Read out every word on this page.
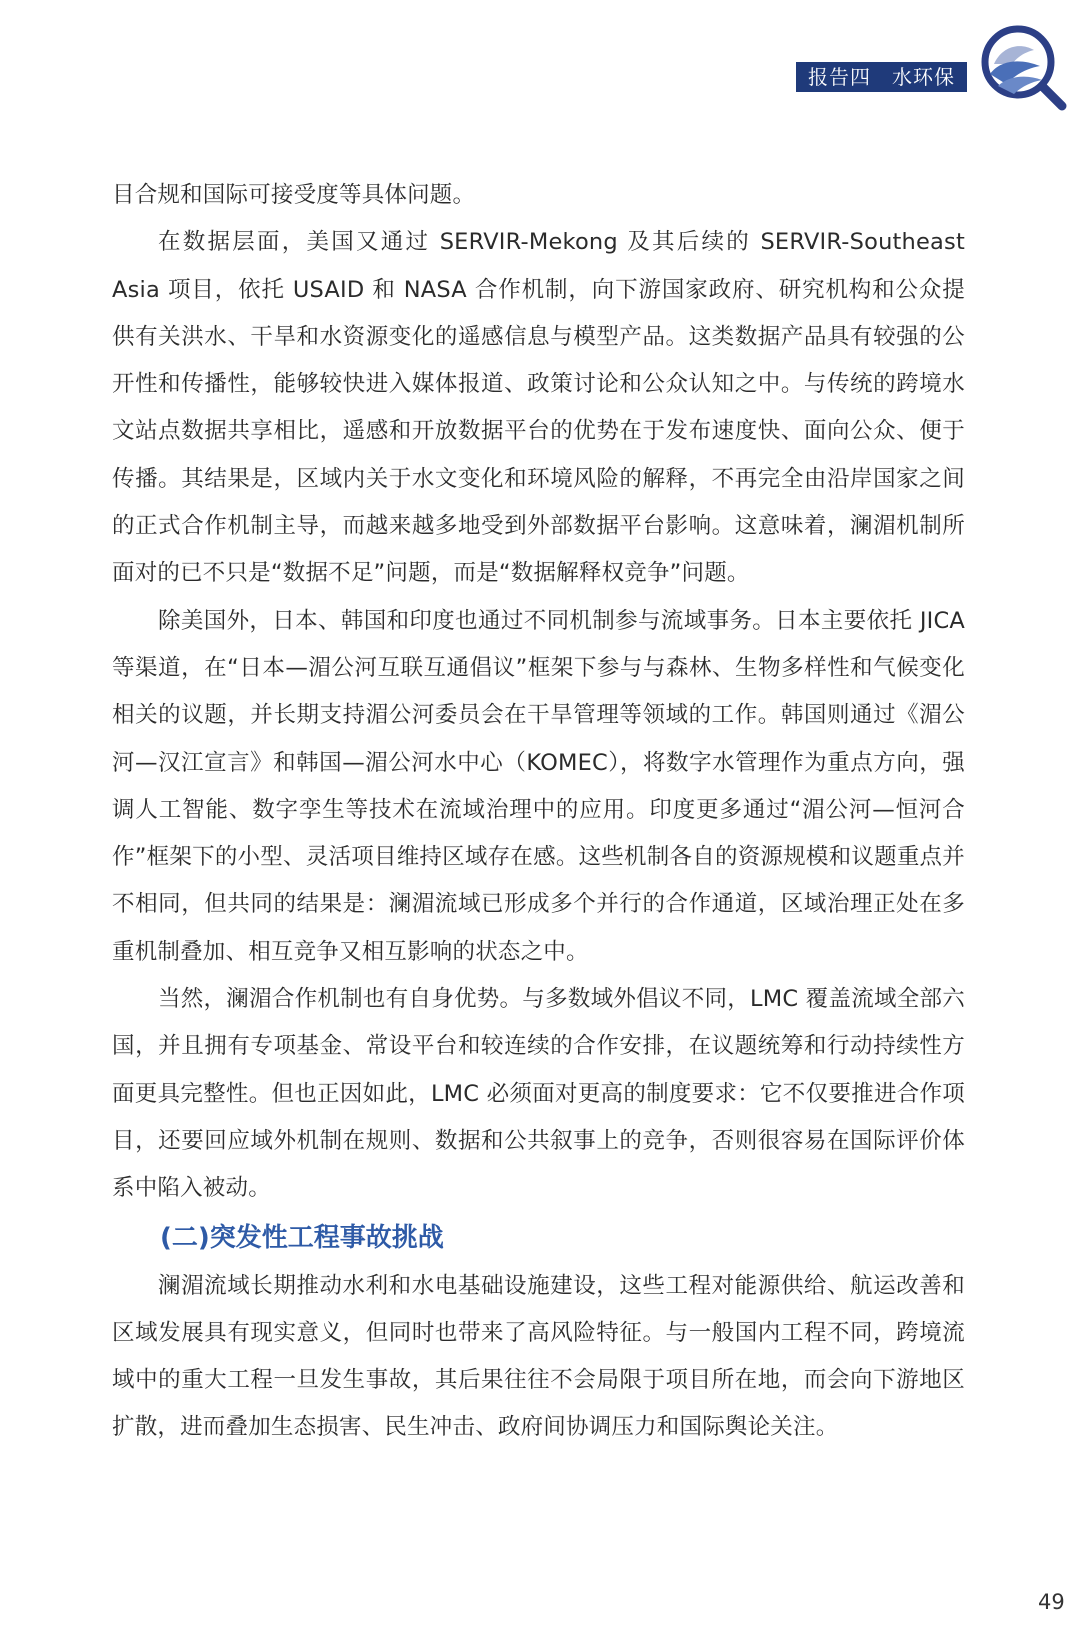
报告四　水环保

目合规和国际可接受度等具体问题。

在数据层面，美国又通过 SERVIR-Mekong 及其后续的 SERVIR-Southeast Asia 项目，依托 USAID 和 NASA 合作机制，向下游国家政府、研究机构和公众提供有关洪水、干旱和水资源变化的遥感信息与模型产品。这类数据产品具有较强的公开性和传播性，能够较快进入媒体报道、政策讨论和公众认知之中。与传统的跨境水文站点数据共享相比，遥感和开放数据平台的优势在于发布速度快、面向公众、便于传播。其结果是，区域内关于水文变化和环境风险的解释，不再完全由沿岸国家之间的正式合作机制主导，而越来越多地受到外部数据平台影响。这意味着，澜湄机制所面对的已不只是“数据不足”问题，而是“数据解释权竞争”问题。

除美国外，日本、韩国和印度也通过不同机制参与流域事务。日本主要依托 JICA 等渠道，在“日本—湄公河互联互通倡议”框架下参与与森林、生物多样性和气候变化相关的议题，并长期支持湄公河委员会在干旱管理等领域的工作。韩国则通过《湄公河—汉江宣言》和韩国—湄公河水中心（KOMEC），将数字水管理作为重点方向，强调人工智能、数字孪生等技术在流域治理中的应用。印度更多通过“湄公河—恒河合作”框架下的小型、灵活项目维持区域存在感。这些机制各自的资源规模和议题重点并不相同，但共同的结果是：澜湄流域已形成多个并行的合作通道，区域治理正处在多重机制叠加、相互竞争又相互影响的状态之中。

当然，澜湄合作机制也有自身优势。与多数域外倡议不同，LMC 覆盖流域全部六国，并且拥有专项基金、常设平台和较连续的合作安排，在议题统筹和行动持续性方面更具完整性。但也正因如此，LMC 必须面对更高的制度要求：它不仅要推进合作项目，还要回应域外机制在规则、数据和公共叙事上的竞争，否则很容易在国际评价体系中陷入被动。

(二)突发性工程事故挑战

澜湄流域长期推动水利和水电基础设施建设，这些工程对能源供给、航运改善和区域发展具有现实意义，但同时也带来了高风险特征。与一般国内工程不同，跨境流域中的重大工程一旦发生事故，其后果往往不会局限于项目所在地，而会向下游地区扩散，进而叠加生态损害、民生冲击、政府间协调压力和国际舆论关注。

49
